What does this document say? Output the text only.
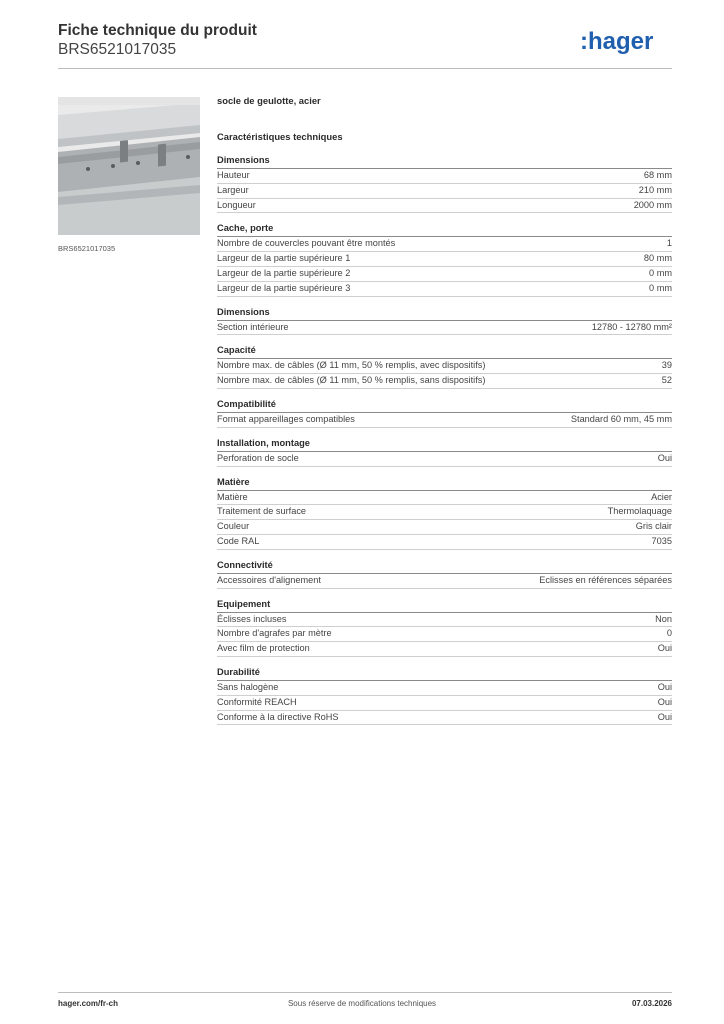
Fiche technique du produit
BRS6521017035	:hager
BRS6521017035
socle de geulotte, acier
Caractéristiques techniques
Dimensions
Hauteur	68 mm
Largeur	210 mm
Longueur	2000 mm
Cache, porte
Nombre de couvercles pouvant être montés	1
Largeur de la partie supérieure 1	80 mm
Largeur de la partie supérieure 2	0 mm
Largeur de la partie supérieure 3	0 mm
Dimensions
Section intérieure	12780 - 12780 mm²
Capacité
Nombre max. de câbles (Ø 11 mm, 50 % remplis, avec dispositifs)	39
Nombre max. de câbles (Ø 11 mm, 50 % remplis, sans dispositifs)	52
Compatibilité
Format appareillages compatibles	Standard 60 mm, 45 mm
Installation, montage
Perforation de socle	Oui
Matière
Matière	Acier
Traitement de surface	Thermolaquage
Couleur	Gris clair
Code RAL	7035
Connectivité
Accessoires d'alignement	Eclisses en références séparées
Equipement
Éclisses incluses	Non
Nombre d'agrafes par mètre	0
Avec film de protection	Oui
Durabilité
Sans halogène	Oui
Conformité REACH	Oui
Conforme à la directive RoHS	Oui
hager.com/fr-ch	Sous réserve de modifications techniques	07.03.2026
